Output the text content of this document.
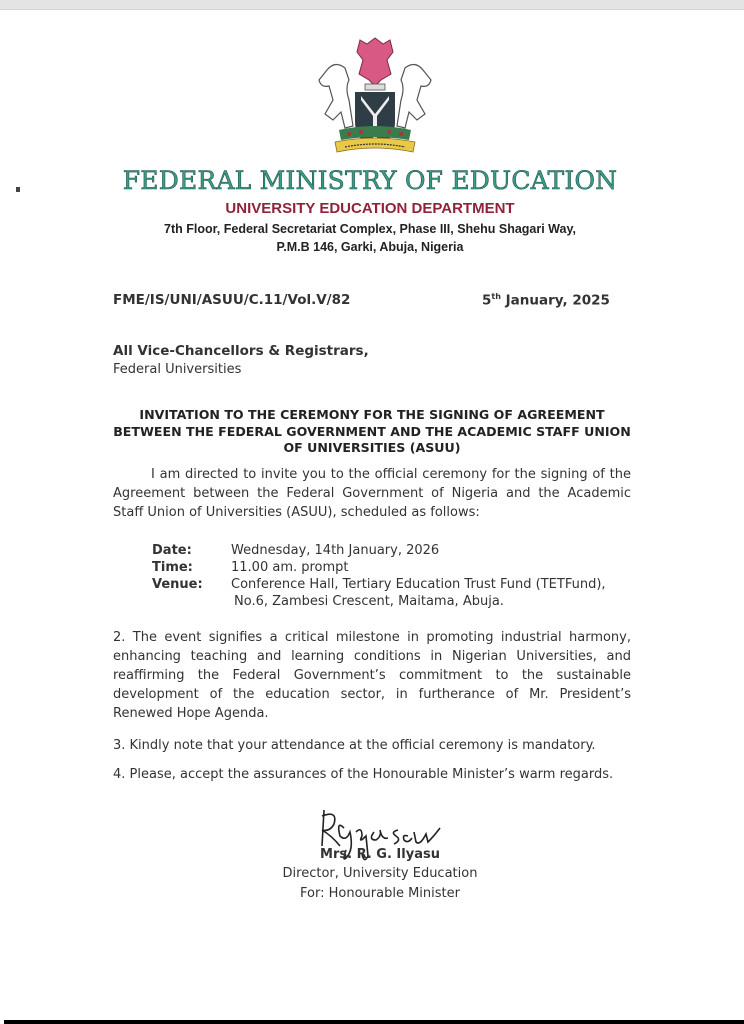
FEDERAL MINISTRY OF EDUCATION
UNIVERSITY EDUCATION DEPARTMENT
7th Floor, Federal Secretariat Complex, Phase III, Shehu Shagari Way,
P.M.B 146, Garki, Abuja, Nigeria
FME/IS/UNI/ASUU/C.11/Vol.V/82	5th January, 2025
All Vice-Chancellors & Registrars,
Federal Universities
INVITATION TO THE CEREMONY FOR THE SIGNING OF AGREEMENT BETWEEN THE FEDERAL GOVERNMENT AND THE ACADEMIC STAFF UNION OF UNIVERSITIES (ASUU)
I am directed to invite you to the official ceremony for the signing of the Agreement between the Federal Government of Nigeria and the Academic Staff Union of Universities (ASUU), scheduled as follows:
Date:	Wednesday, 14th January, 2026
Time:	11.00 am. prompt
Venue:	Conference Hall, Tertiary Education Trust Fund (TETFund),
No.6, Zambesi Crescent, Maitama, Abuja.
2. The event signifies a critical milestone in promoting industrial harmony, enhancing teaching and learning conditions in Nigerian Universities, and reaffirming the Federal Government’s commitment to the sustainable development of the education sector, in furtherance of Mr. President’s Renewed Hope Agenda.
3. Kindly note that your attendance at the official ceremony is mandatory.
4. Please, accept the assurances of the Honourable Minister’s warm regards.
Mrs. R. G. Ilyasu
Director, University Education
For: Honourable Minister
